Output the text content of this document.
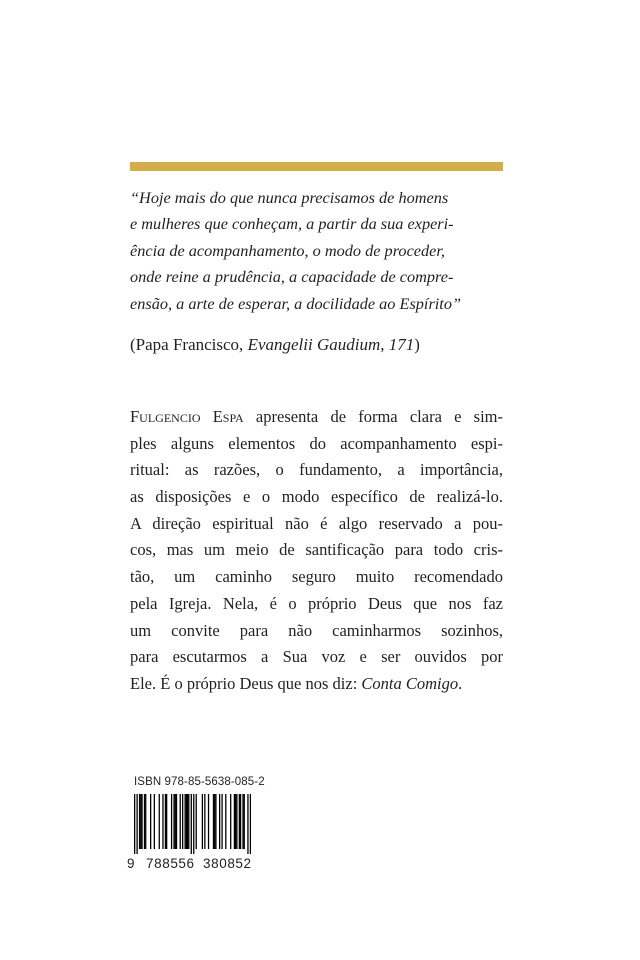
“Hoje mais do que nunca precisamos de homens
e mulheres que conheçam, a partir da sua experi-
ência de acompanhamento, o modo de proceder,
onde reine a prudência, a capacidade de compre-
ensão, a arte de esperar, a docilidade ao Espírito”
(Papa Francisco, Evangelii Gaudium, 171)
Fulgencio Espa apresenta de forma clara e sim-
ples alguns elementos do acompanhamento espi-
ritual: as razões, o fundamento, a importância,
as disposições e o modo específico de realizá-lo.
A direção espiritual não é algo reservado a pou-
cos, mas um meio de santificação para todo cris-
tão, um caminho seguro muito recomendado
pela Igreja. Nela, é o próprio Deus que nos faz
um convite para não caminharmos sozinhos,
para escutarmos a Sua voz e ser ouvidos por
Ele. É o próprio Deus que nos diz: Conta Comigo.
ISBN 978-85-5638-085-2
9 788556 380852
